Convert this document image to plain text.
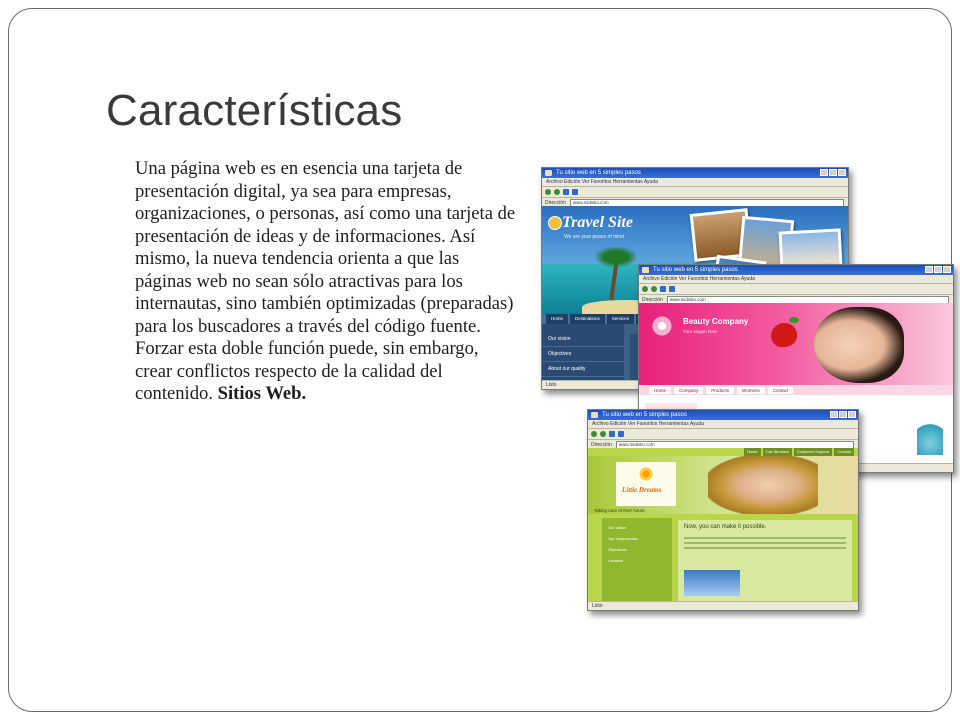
Características
Una página web es en esencia una tarjeta de presentación digital, ya sea para empresas, organizaciones, o personas, así como una tarjeta de presentación de ideas y de informaciones. Así mismo, la nueva tendencia orienta a que las páginas web no sean sólo atractivas para los internautas, sino también optimizadas (preparadas) para los buscadores a través del código fuente. Forzar esta doble función puede, sin embargo, crear conflictos respecto de la calidad del contenido. Sitios Web.
Tu sitio web en 5 simples pasos
Archivo Edición Ver Favoritos Herramientas Ayuda
Dirección	www.midsitio.com
Travel Site
We are your peace of mind
Home	Destinations	Services
Our vision
Objectives
About our quality
Listo
Tu sitio web en 5 simples pasos
Archivo Edición Ver Favoritos Herramientas Ayuda
Dirección	www.midsitio.com
Beauty Company
Your slogan here
Home	Company	Products	Womens	Contact
Tu sitio web en 5 simples pasos
Archivo Edición Ver Favoritos Herramientas Ayuda
Dirección	www.midsitio.com
Home	Our Services	Customer Support	Contact
Little Dreams
Taking care of their future
Our vision
Our compromise
Objectives
Location
Now, you can make it possible.
Listo
